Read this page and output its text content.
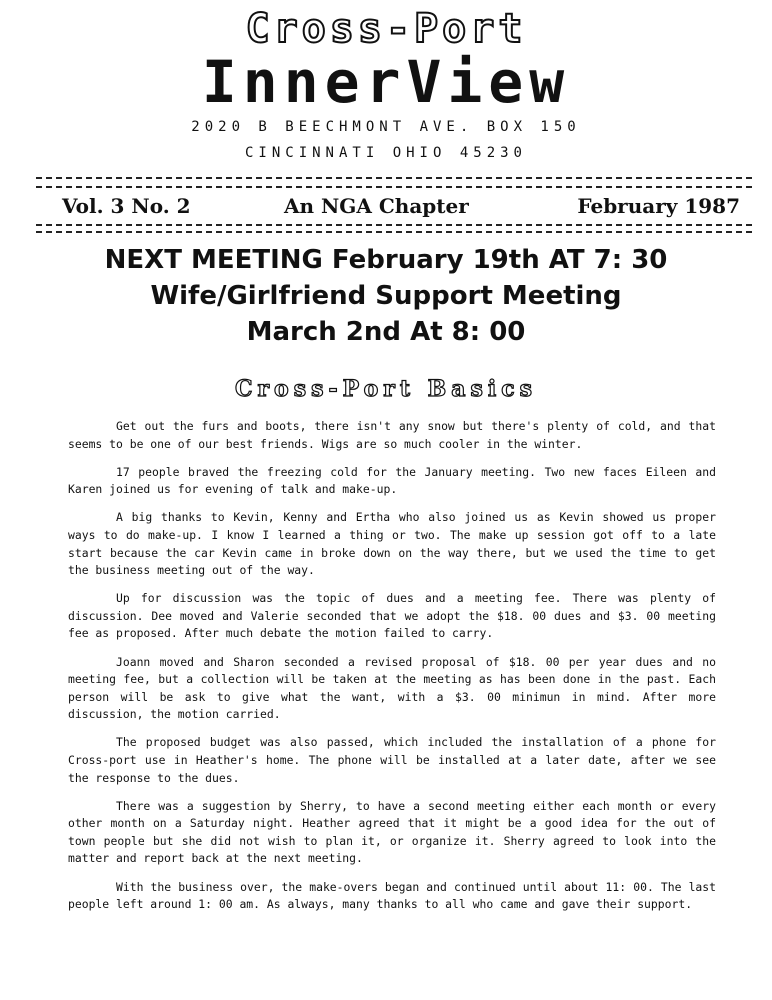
Cross-Port
InnerView
2020 B BEECHMONT AVE. BOX 150
CINCINNATI OHIO 45230
Vol. 3 No. 2	An NGA Chapter	February 1987
NEXT MEETING February 19th AT 7: 30
Wife/Girlfriend Support Meeting
March 2nd At 8: 00
Cross-Port Basics

Get out the furs and boots, there isn't any snow but there's plenty of cold, and that seems to be one of our best friends. Wigs are so much cooler in the winter.

17 people braved the freezing cold for the January meeting. Two new faces Eileen and Karen joined us for evening of talk and make-up.

A big thanks to Kevin, Kenny and Ertha who also joined us as Kevin showed us proper ways to do make-up. I know I learned a thing or two. The make up session got off to a late start because the car Kevin came in broke down on the way there, but we used the time to get the business meeting out of the way.

Up for discussion was the topic of dues and a meeting fee. There was plenty of discussion. Dee moved and Valerie seconded that we adopt the $18. 00 dues and $3. 00 meeting fee as proposed. After much debate the motion failed to carry.

Joann moved and Sharon seconded a revised proposal of $18. 00 per year dues and no meeting fee, but a collection will be taken at the meeting as has been done in the past. Each person will be ask to give what the want, with a $3. 00 minimun in mind. After more discussion, the motion carried.

The proposed budget was also passed, which included the installation of a phone for Cross-port use in Heather's home. The phone will be installed at a later date, after we see the response to the dues.

There was a suggestion by Sherry, to have a second meeting either each month or every other month on a Saturday night. Heather agreed that it might be a good idea for the out of town people but she did not wish to plan it, or organize it. Sherry agreed to look into the matter and report back at the next meeting.

With the business over, the make-overs began and continued until about 11: 00. The last people left around 1: 00 am. As always, many thanks to all who came and gave their support.
